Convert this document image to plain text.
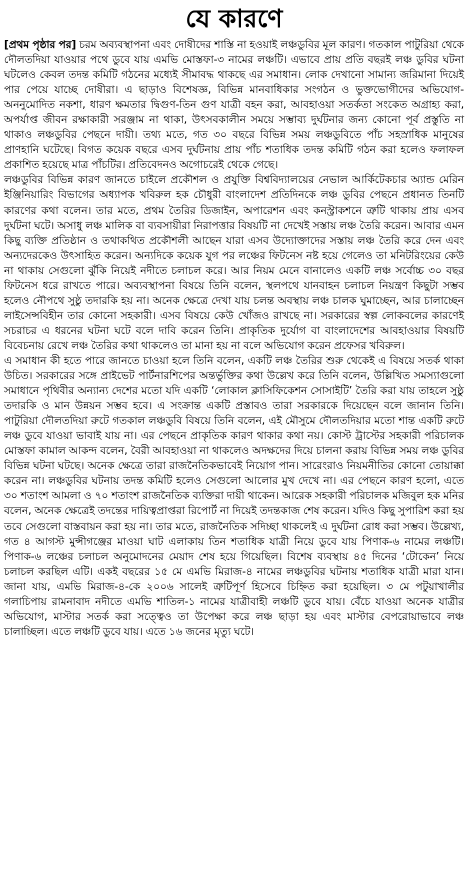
যে কারণে

[প্রথম পৃষ্ঠার পর] চরম অব্যবস্থাপনা এবং দোষীদের শাস্তি না হওয়াই লঞ্চডুবির মূল কারণ। গতকাল পাটুরিয়া থেকে দৌলতদিয়া যাওয়ার পথে ডুবে যায় এমভি মোস্তফা-৩ নামের লঞ্চটি। এভাবে প্রায় প্রতি বছরই লঞ্চ ডুবির ঘটনা ঘটলেও কেবল তদন্ত কমিটি গঠনের মধ্যেই সীমাবদ্ধ থাকছে এর সমাধান। লোক দেখানো সামান্য জরিমানা দিয়েই পার পেয়ে যাচ্ছে দোষীরা। এ ছাড়াও বিশেষজ্ঞ, বিভিন্ন মানবাধিকার সংগঠন ও ভুক্তভোগীদের অভিযোগ- অননুমোদিত নকশা, ধারণ ক্ষমতার দ্বিগুণ-তিন গুণ যাত্রী বহন করা, আবহাওয়া সতর্কতা সংকেত অগ্রাহ্য করা, অপর্যাপ্ত জীবন রক্ষাকারী সরঞ্জাম না থাকা, উৎসবকালীন সময়ে সম্ভাব্য দুর্ঘটনার জন্য কোনো পূর্ব প্রস্তুতি না থাকাও লঞ্চডুবির পেছনে দায়ী। তথ্য মতে, গত ৩০ বছরে বিভিন্ন সময় লঞ্চডুবিতে পাঁচ সহস্রাধিক মানুষের প্রাণহানি ঘটেছে। বিগত কয়েক বছরে এসব দুর্ঘটনায় প্রায় পাঁচ শতাধিক তদন্ত কমিটি গঠন করা হলেও ফলাফল প্রকাশিত হয়েছে মাত্র পাঁচটির। প্রতিবেদনও অগোচরেই থেকে গেছে।

লঞ্চডুবির বিভিন্ন কারণ জানতে চাইলে প্রকৌশল ও প্রযুক্তি বিশ্ববিদ্যালয়ের নেভাল আর্কিটেকচার অ্যান্ড মেরিন ইঞ্জিনিয়ারিং বিভাগের অধ্যাপক খবিরুল হক চৌধুরী বাংলাদেশ প্রতিদিনকে লঞ্চ ডুবির পেছনে প্রধানত তিনটি কারণের কথা বলেন। তার মতে, প্রথম তৈরির ডিজাইন, অপারেশন এবং কনস্ট্রাকশনে ত্রুটি থাকায় প্রায় এসব দুর্ঘটনা ঘটে। অসাধু লঞ্চ মালিক বা ব্যবসায়ীরা নিরাপত্তার বিষয়টি না দেখেই সস্তায় লঞ্চ তৈরি করেন। আবার এমন কিছু ব্যক্তি প্রতিষ্ঠান ও তথাকথিত প্রকৌশলী আছেন যারা এসব উদ্যোক্তাদের সস্তায় লঞ্চ তৈরি করে দেন এবং অন্যদেরকেও উৎসাহিত করেন। অন্যদিকে কয়েক যুগ পর লঞ্চের ফিটনেস নষ্ট হয়ে গেলেও তা মনিটরিংয়ের কেউ না থাকায় সেগুলো ঝুঁকি নিয়েই নদীতে চলাচল করে। আর নিয়ম মেনে বানালেও একটি লঞ্চ সর্বোচ্চ ৩০ বছর ফিটনেস ধরে রাখতে পারে। অব্যবস্থাপনা বিষয়ে তিনি বলেন, স্থলপথে যানবাহন চলাচল নিয়ন্ত্রণ কিছুটা সম্ভব হলেও নৌপথে সুষ্ঠু তদারকি হয় না। অনেক ক্ষেত্রে দেখা যায় চলন্ত অবস্থায় লঞ্চ চালক ঘুমাচ্ছেন, আর চালাচ্ছেন লাইসেন্সবিহীন তার কোনো সহকারী। এসব বিষয়ে কেউ খোঁজও রাখছে না। সরকারের স্বল্প লোকবলের কারণেই সচরাচর এ ধরনের ঘটনা ঘটে বলে দাবি করেন তিনি। প্রাকৃতিক দুর্যোগ বা বাংলাদেশের আবহাওয়ার বিষয়টি বিবেচনায় রেখে লঞ্চ তৈরির কথা থাকলেও তা মানা হয় না বলে অভিযোগ করেন প্রফেসর খবিরুল।

এ সমাধান কী হতে পারে জানতে চাওয়া হলে তিনি বলেন, একটি লঞ্চ তৈরির শুরু থেকেই এ বিষয়ে সতর্ক থাকা উচিত। সরকারের সঙ্গে প্রাইভেট পার্টনারশিপের অন্তর্ভুক্তির কথা উল্লেখ করে তিনি বলেন, উল্লিখিত সমস্যাগুলো সমাধানে পৃথিবীর অন্যান্য দেশের মতো যদি একটি ‘লোকাল ক্লাসিফিকেশন সোসাইটি’ তৈরি করা যায় তাহলে সুষ্ঠু তদারকি ও মান উন্নয়ন সম্ভব হবে। এ সংক্রান্ত একটি প্রস্তাবও তারা সরকারকে দিয়েছেন বলে জানান তিনি। পাটুরিয়া দৌলতদিয়া রুটে গতকাল লঞ্চডুবি বিষয়ে তিনি বলেন, এই মৌসুমে দৌলতদিয়ার মতো শান্ত একটি রুটে লঞ্চ ডুবে যাওয়া ভাবাই যায় না। এর পেছনে প্রাকৃতিক কারণ থাকার কথা নয়। কোস্ট ট্রাস্টের সহকারী পরিচালক মোস্তফা কামাল আকন্দ বলেন, বৈরী আবহাওয়া না থাকলেও অদক্ষদের দিয়ে চালনা করায় বিভিন্ন সময় লঞ্চ ডুবির বিভিন্ন ঘটনা ঘটছে। অনেক ক্ষেত্রে তারা রাজনৈতিকভাবেই নিয়োগ পান। সারেংরাও নিয়মনীতির কোনো তোয়াক্কা করেন না। লঞ্চডুবির ঘটনায় তদন্ত কমিটি হলেও সেগুলো আলোর মুখ দেখে না। এর পেছনে কারণ হলো, এতে ৩০ শতাংশ আমলা ও ৭০ শতাংশ রাজনৈতিক ব্যক্তিরা দায়ী থাকেন। আরেক সহকারী পরিচালক মজিবুল হক মনির বলেন, অনেক ক্ষেত্রেই তদন্তের দায়িত্বপ্রাপ্তরা রিপোর্ট না দিয়েই তদন্তকাজ শেষ করেন। যদিও কিছু সুপারিশ করা হয় তবে সেগুলো বাস্তবায়ন করা হয় না। তার মতে, রাজনৈতিক সদিচ্ছা থাকলেই এ দুর্ঘটনা রোধ করা সম্ভব। উল্লেখ্য, গত ৪ আগস্ট মুন্সীগঞ্জের মাওয়া ঘাট এলাকায় তিন শতাধিক যাত্রী নিয়ে ডুবে যায় পিণাক-৬ নামের লঞ্চটি। পিণাক-৬ লঞ্চের চলাচল অনুমোদনের মেয়াদ শেষ হয়ে গিয়েছিল। বিশেষ ব্যবস্থায় ৪৫ দিনের ‘টোকেন’ নিয়ে চলাচল করছিল এটি। একই বছরের ১৫ মে এমভি মিরাজ-৪ নামের লঞ্চডুবির ঘটনায় শতাধিক যাত্রী মারা যান। জানা যায়, এমভি মিরাজ-৪-কে ২০০৬ সালেই ত্রুটিপূর্ণ হিসেবে চিহ্নিত করা হয়েছিল। ৩ মে পটুয়াখালীর গলাচিপায় রামনাবাদ নদীতে এমভি শাতিল-১ নামের যাত্রীবাহী লঞ্চটি ডুবে যায়। বেঁচে যাওয়া অনেক যাত্রীর অভিযোগ, মাস্টার সতর্ক করা সত্ত্বেও তা উপেক্ষা করে লঞ্চ ছাড়া হয় এবং মাস্টার বেপরোয়াভাবে লঞ্চ চালাচ্ছিল। এতে লঞ্চটি ডুবে যায়। এতে ১৬ জনের মৃত্যু ঘটে।
